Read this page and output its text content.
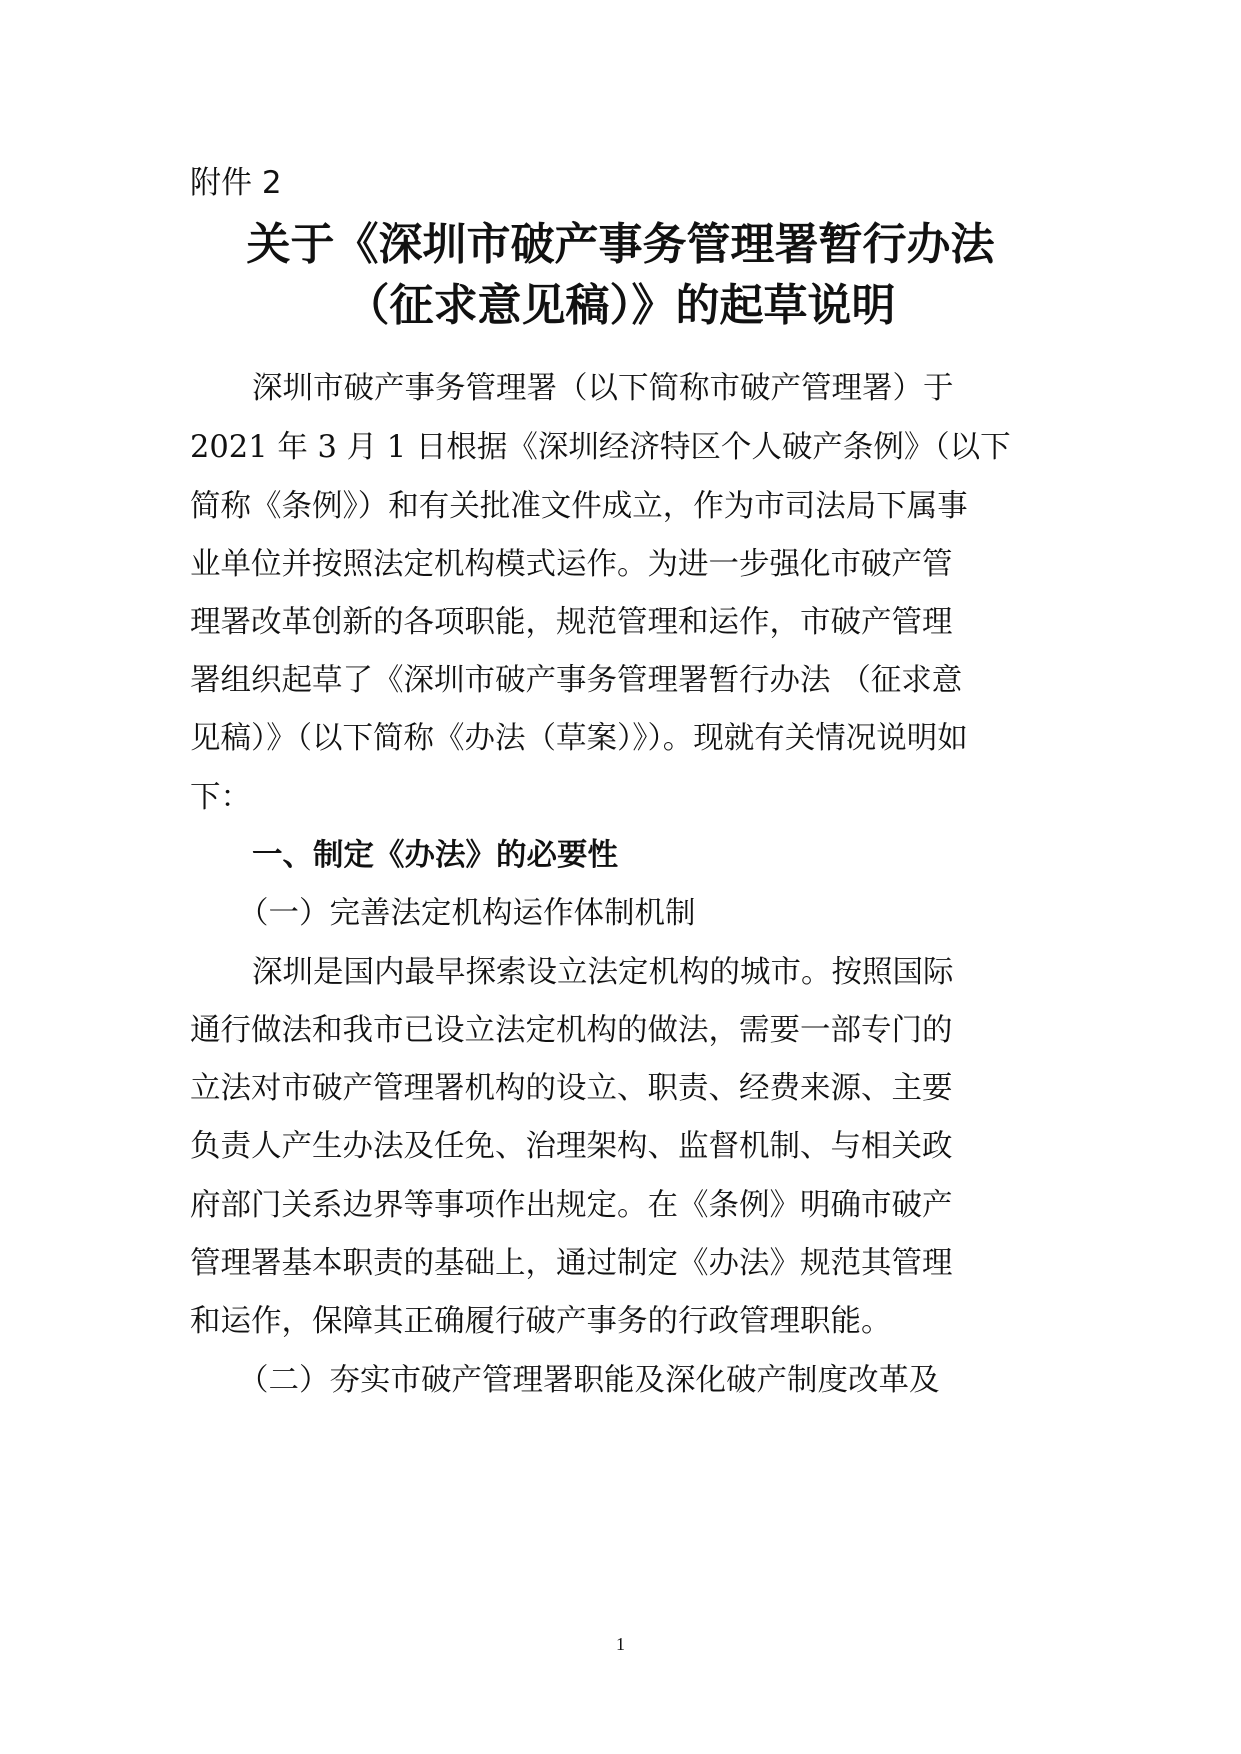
附件 2
关于《深圳市破产事务管理署暂行办法
（征求意见稿）》的起草说明
深圳市破产事务管理署（以下简称市破产管理署）于
2021 年 3 月 1 日根据《深圳经济特区个人破产条例》（以下
简称《条例》）和有关批准文件成立，作为市司法局下属事
业单位并按照法定机构模式运作。为进一步强化市破产管
理署改革创新的各项职能，规范管理和运作，市破产管理
署组织起草了《深圳市破产事务管理署暂行办法 （征求意
见稿）》（以下简称《办法（草案）》）。现就有关情况说明如
下：
一、制定《办法》的必要性
（一）完善法定机构运作体制机制
深圳是国内最早探索设立法定机构的城市。按照国际
通行做法和我市已设立法定机构的做法，需要一部专门的
立法对市破产管理署机构的设立、职责、经费来源、主要
负责人产生办法及任免、治理架构、监督机制、与相关政
府部门关系边界等事项作出规定。在《条例》明确市破产
管理署基本职责的基础上，通过制定《办法》规范其管理
和运作，保障其正确履行破产事务的行政管理职能。
（二）夯实市破产管理署职能及深化破产制度改革及
1
